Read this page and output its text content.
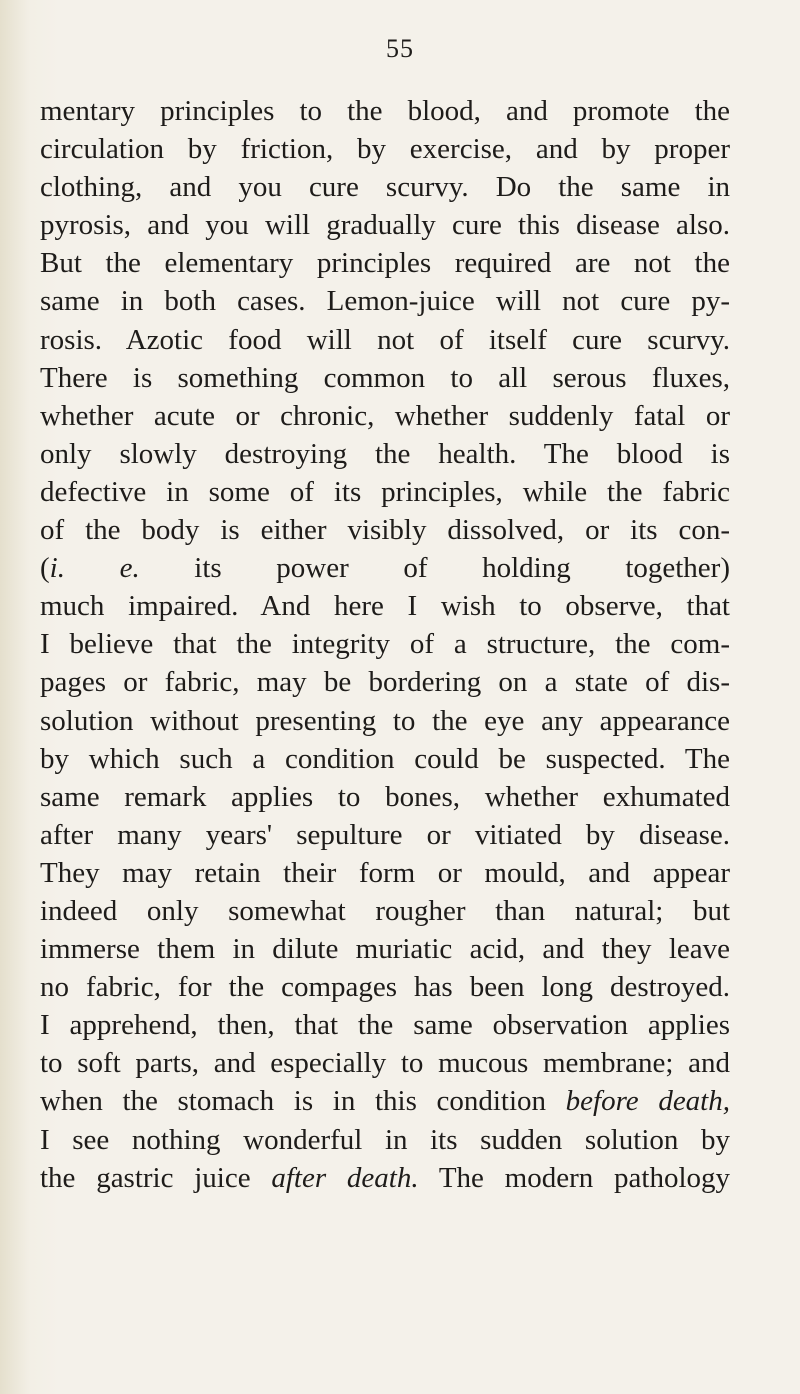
55
mentary principles to the blood, and promote the
circulation by friction, by exercise, and by proper
clothing, and you cure scurvy. Do the same in
pyrosis, and you will gradually cure this disease also.
But the elementary principles required are not the
same in both cases. Lemon-juice will not cure py-
rosis. Azotic food will not of itself cure scurvy.
There is something common to all serous fluxes,
whether acute or chronic, whether suddenly fatal or
only slowly destroying the health. The blood is
defective in some of its principles, while the fabric
of the body is either visibly dissolved, or its con-
(i. e. its power of holding together)
much impaired. And here I wish to observe, that
I believe that the integrity of a structure, the com-
pages or fabric, may be bordering on a state of dis-
solution without presenting to the eye any appearance
by which such a condition could be suspected. The
same remark applies to bones, whether exhumated
after many years' sepulture or vitiated by disease.
They may retain their form or mould, and appear
indeed only somewhat rougher than natural; but
immerse them in dilute muriatic acid, and they leave
no fabric, for the compages has been long destroyed.
I apprehend, then, that the same observation applies
to soft parts, and especially to mucous membrane; and
when the stomach is in this condition before death,
I see nothing wonderful in its sudden solution by
the gastric juice after death. The modern pathology
